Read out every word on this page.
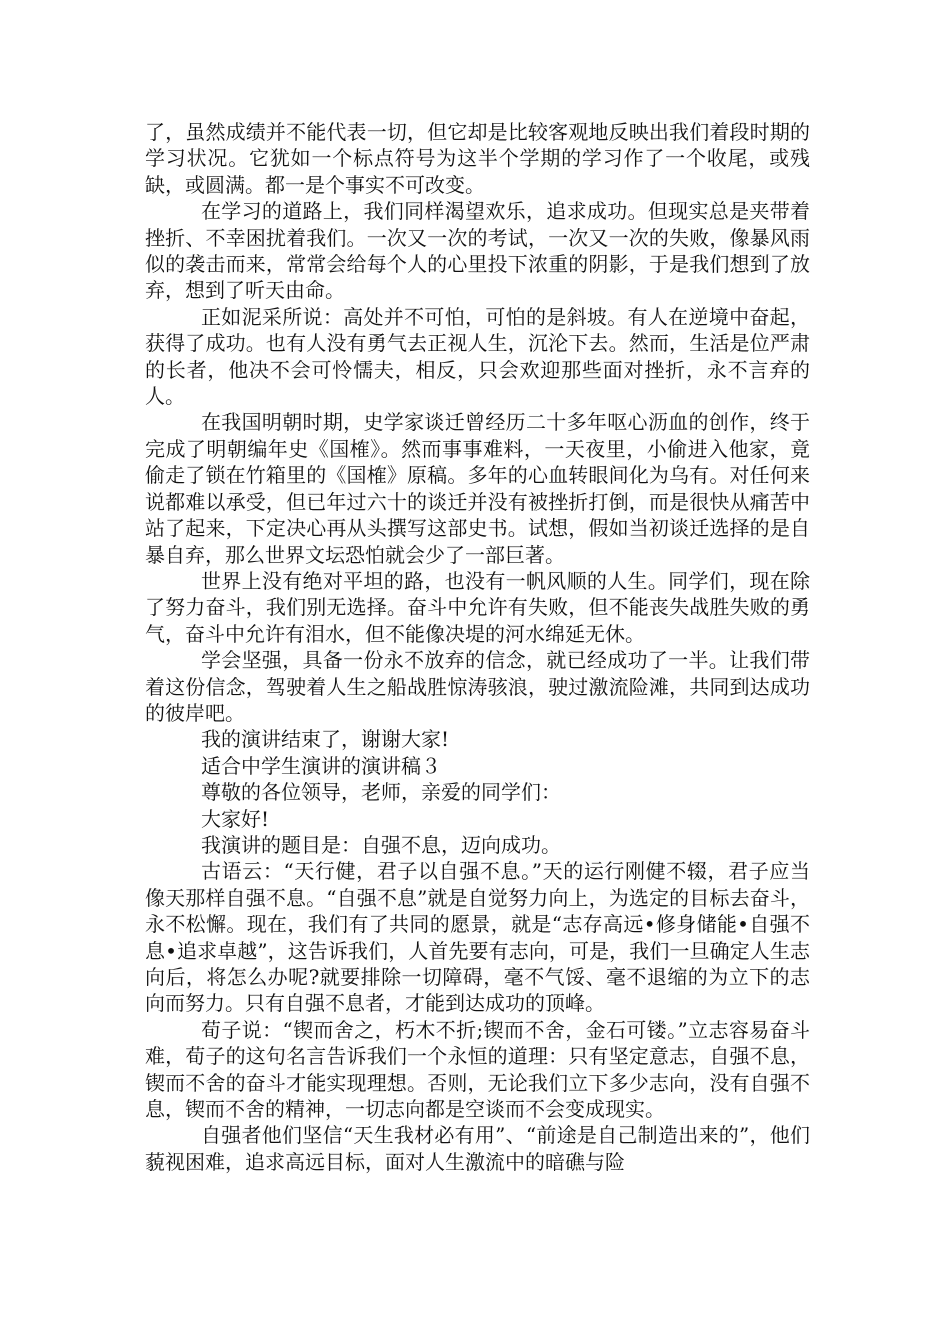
了，虽然成绩并不能代表一切，但它却是比较客观地反映出我们着段时期的学习状况。它犹如一个标点符号为这半个学期的学习作了一个收尾，或残缺，或圆满。都一是个事实不可改变。

在学习的道路上，我们同样渴望欢乐，追求成功。但现实总是夹带着挫折、不幸困扰着我们。一次又一次的考试，一次又一次的失败，像暴风雨似的袭击而来，常常会给每个人的心里投下浓重的阴影，于是我们想到了放弃，想到了听天由命。

正如泥采所说：高处并不可怕，可怕的是斜坡。有人在逆境中奋起，获得了成功。也有人没有勇气去正视人生，沉沦下去。然而，生活是位严肃的长者，他决不会可怜懦夫，相反，只会欢迎那些面对挫折，永不言弃的人。

在我国明朝时期，史学家谈迁曾经历二十多年呕心沥血的创作，终于完成了明朝编年史《国榷》。然而事事难料，一天夜里，小偷进入他家，竟偷走了锁在竹箱里的《国榷》原稿。多年的心血转眼间化为乌有。对任何来说都难以承受，但已年过六十的谈迁并没有被挫折打倒，而是很快从痛苦中站了起来，下定决心再从头撰写这部史书。试想，假如当初谈迁选择的是自暴自弃，那么世界文坛恐怕就会少了一部巨著。

世界上没有绝对平坦的路，也没有一帆风顺的人生。同学们，现在除了努力奋斗，我们别无选择。奋斗中允许有失败，但不能丧失战胜失败的勇气，奋斗中允许有泪水，但不能像决堤的河水绵延无休。

学会坚强，具备一份永不放弃的信念，就已经成功了一半。让我们带着这份信念，驾驶着人生之船战胜惊涛骇浪，驶过激流险滩，共同到达成功的彼岸吧。

我的演讲结束了，谢谢大家!

适合中学生演讲的演讲稿３

尊敬的各位领导，老师，亲爱的同学们：

大家好!

我演讲的题目是：自强不息，迈向成功。

古语云：“天行健，君子以自强不息。”天的运行刚健不辍，君子应当像天那样自强不息。“自强不息”就是自觉努力向上，为选定的目标去奋斗，永不松懈。现在，我们有了共同的愿景，就是“志存高远•修身储能•自强不息•追求卓越”，这告诉我们，人首先要有志向，可是，我们一旦确定人生志向后，将怎么办呢?就要排除一切障碍，毫不气馁、毫不退缩的为立下的志向而努力。只有自强不息者，才能到达成功的顶峰。

荀子说：“锲而舍之，朽木不折;锲而不舍，金石可镂。”立志容易奋斗难，荀子的这句名言告诉我们一个永恒的道理：只有坚定意志，自强不息，锲而不舍的奋斗才能实现理想。否则，无论我们立下多少志向，没有自强不息，锲而不舍的精神，一切志向都是空谈而不会变成现实。

自强者他们坚信“天生我材必有用”、“前途是自己制造出来的”，他们藐视困难，追求高远目标，面对人生激流中的暗礁与险
